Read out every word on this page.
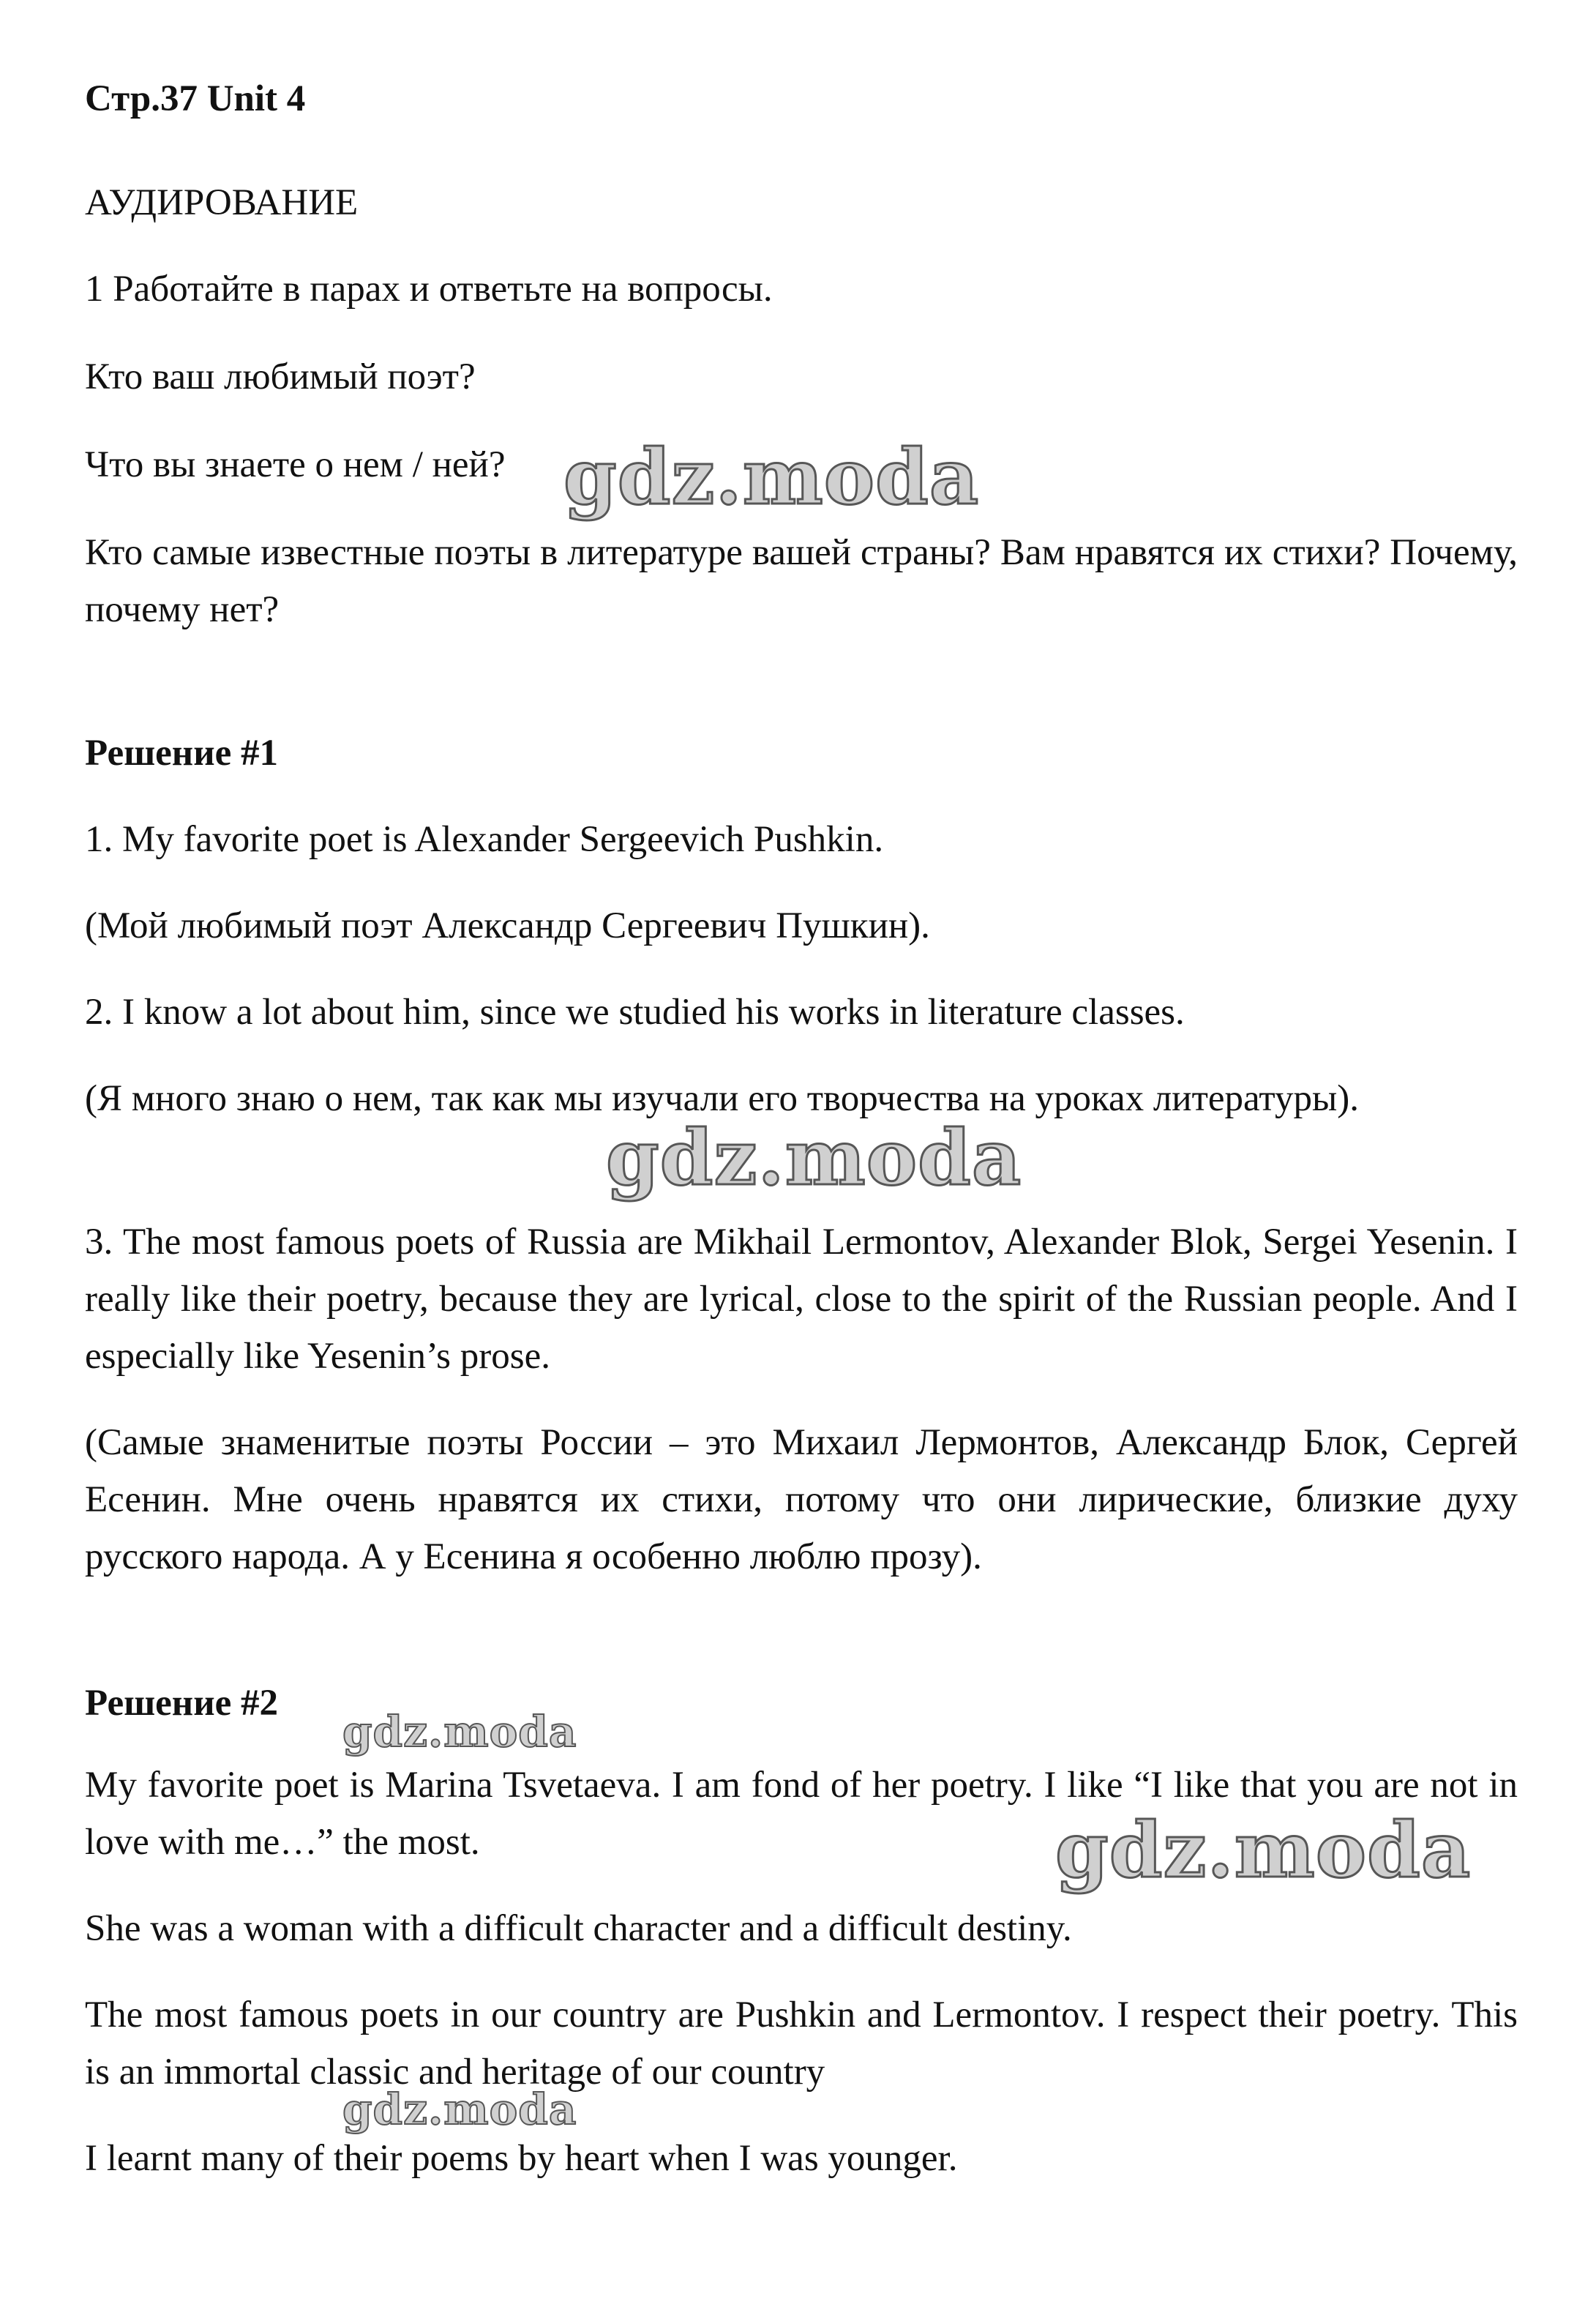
Стр.37 Unit 4

АУДИРОВАНИЕ

1 Работайте в парах и ответьте на вопросы.

Кто ваш любимый поэт?

Что вы знаете о нем / ней?

Кто самые известные поэты в литературе вашей страны? Вам нравятся их стихи? Почему, почему нет?

Решение #1

1. My favorite poet is Alexander Sergeevich Pushkin.

(Мой любимый поэт Александр Сергеевич Пушкин).

2. I know a lot about him, since we studied his works in literature classes.

(Я много знаю о нем, так как мы изучали его творчества на уроках литературы).

3. The most famous poets of Russia are Mikhail Lermontov, Alexander Blok, Sergei Yesenin. I really like their poetry, because they are lyrical, close to the spirit of the Russian people. And I especially like Yesenin’s prose.

(Самые знаменитые поэты России – это Михаил Лермонтов, Александр Блок, Сергей Есенин. Мне очень нравятся их стихи, потому что они лирические, близкие духу русского народа. А у Есенина я особенно люблю прозу).

Решение #2

My favorite poet is Marina Tsvetaeva. I am fond of her poetry. I like “I like that you are not in love with me…” the most.

She was a woman with a difficult character and a difficult destiny.

The most famous poets in our country are Pushkin and Lermontov. I respect their poetry. This is an immortal classic and heritage of our country

I learnt many of their poems by heart when I was younger.

gdz.moda
gdz.moda
gdz.moda
gdz.moda
gdz.moda
